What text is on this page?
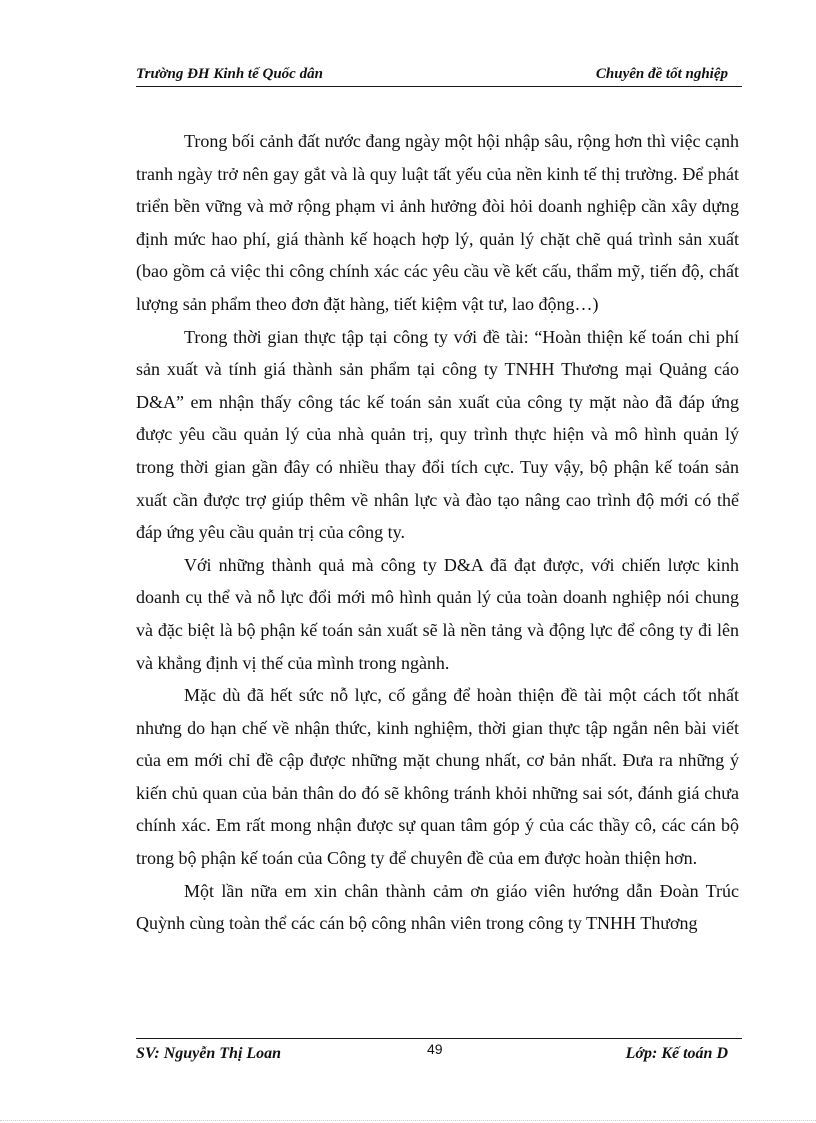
Trường ĐH Kinh tế Quốc dân	Chuyên đề tốt nghiệp

Trong bối cảnh đất nước đang ngày một hội nhập sâu, rộng hơn thì việc cạnh tranh ngày trở nên gay gắt và là quy luật tất yếu của nền kinh tế thị trường. Để phát triển bền vững và mở rộng phạm vi ảnh hưởng đòi hỏi doanh nghiệp cần xây dựng định mức hao phí, giá thành kế hoạch hợp lý, quản lý chặt chẽ quá trình sản xuất (bao gồm cả việc thi công chính xác các yêu cầu về kết cấu, thẩm mỹ, tiến độ, chất lượng sản phẩm theo đơn đặt hàng, tiết kiệm vật tư, lao động…)

Trong thời gian thực tập tại công ty với đề tài: “Hoàn thiện kế toán chi phí sản xuất và tính giá thành sản phẩm tại công ty TNHH Thương mại Quảng cáo D&A” em nhận thấy công tác kế toán sản xuất của công ty mặt nào đã đáp ứng được yêu cầu quản lý của nhà quản trị, quy trình thực hiện và mô hình quản lý trong thời gian gần đây có nhiều thay đổi tích cực. Tuy vậy, bộ phận kế toán sản xuất cần được trợ giúp thêm về nhân lực và đào tạo nâng cao trình độ mới có thể đáp ứng yêu cầu quản trị của công ty.

Với những thành quả mà công ty D&A đã đạt được, với chiến lược kinh doanh cụ thể và nỗ lực đổi mới mô hình quản lý của toàn doanh nghiệp nói chung và đặc biệt là bộ phận kế toán sản xuất sẽ là nền tảng và động lực để công ty đi lên và khẳng định vị thế của mình trong ngành.

Mặc dù đã hết sức nỗ lực, cố gắng để hoàn thiện đề tài một cách tốt nhất nhưng do hạn chế về nhận thức, kinh nghiệm, thời gian thực tập ngắn nên bài viết của em mới chỉ đề cập được những mặt chung nhất, cơ bản nhất. Đưa ra những ý kiến chủ quan của bản thân do đó sẽ không tránh khỏi những sai sót, đánh giá chưa chính xác. Em rất mong nhận được sự quan tâm góp ý của các thầy cô, các cán bộ trong bộ phận kế toán của Công ty để chuyên đề của em được hoàn thiện hơn.

Một lần nữa em xin chân thành cảm ơn giáo viên hướng dẫn Đoàn Trúc Quỳnh cùng toàn thể các cán bộ công nhân viên trong công ty TNHH Thương

SV: Nguyễn Thị Loan	49	Lớp: Kế toán D
